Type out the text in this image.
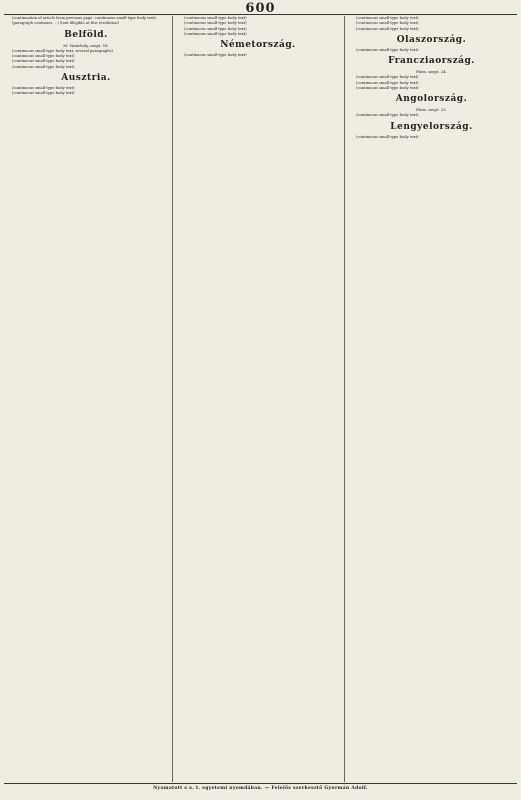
600

(continuation of article from previous page, continuous small-type body text)

(paragraph continues …) (text illegible at this resolution)

Belföld.
M. Vásárhely, szept. 18.

(continuous small-type body text, several paragraphs)

(continuous small-type body text)

(continuous small-type body text)

(continuous small-type body text)

Ausztria.

(continuous small-type body text)

(continuous small-type body text)

(continuous small-type body text)

(continuous small-type body text)

(continuous small-type body text)

(continuous small-type body text)

Németország.

(continuous small-type body text)

(continuous small-type body text)

(continuous small-type body text)

(continuous small-type body text)

Olaszország.

(continuous small-type body text)

Francziaország.
Páris, szept. 24.

(continuous small-type body text)

(continuous small-type body text)

(continuous small-type body text)

Angolország.
Páris, szept. 25.

(continuous small-type body text)

Lengyelország.

(continuous small-type body text)

Nyomatott s a. t. egyetemi nyomdában. — Felelős szerkesztő Gyurmán Adolf.
